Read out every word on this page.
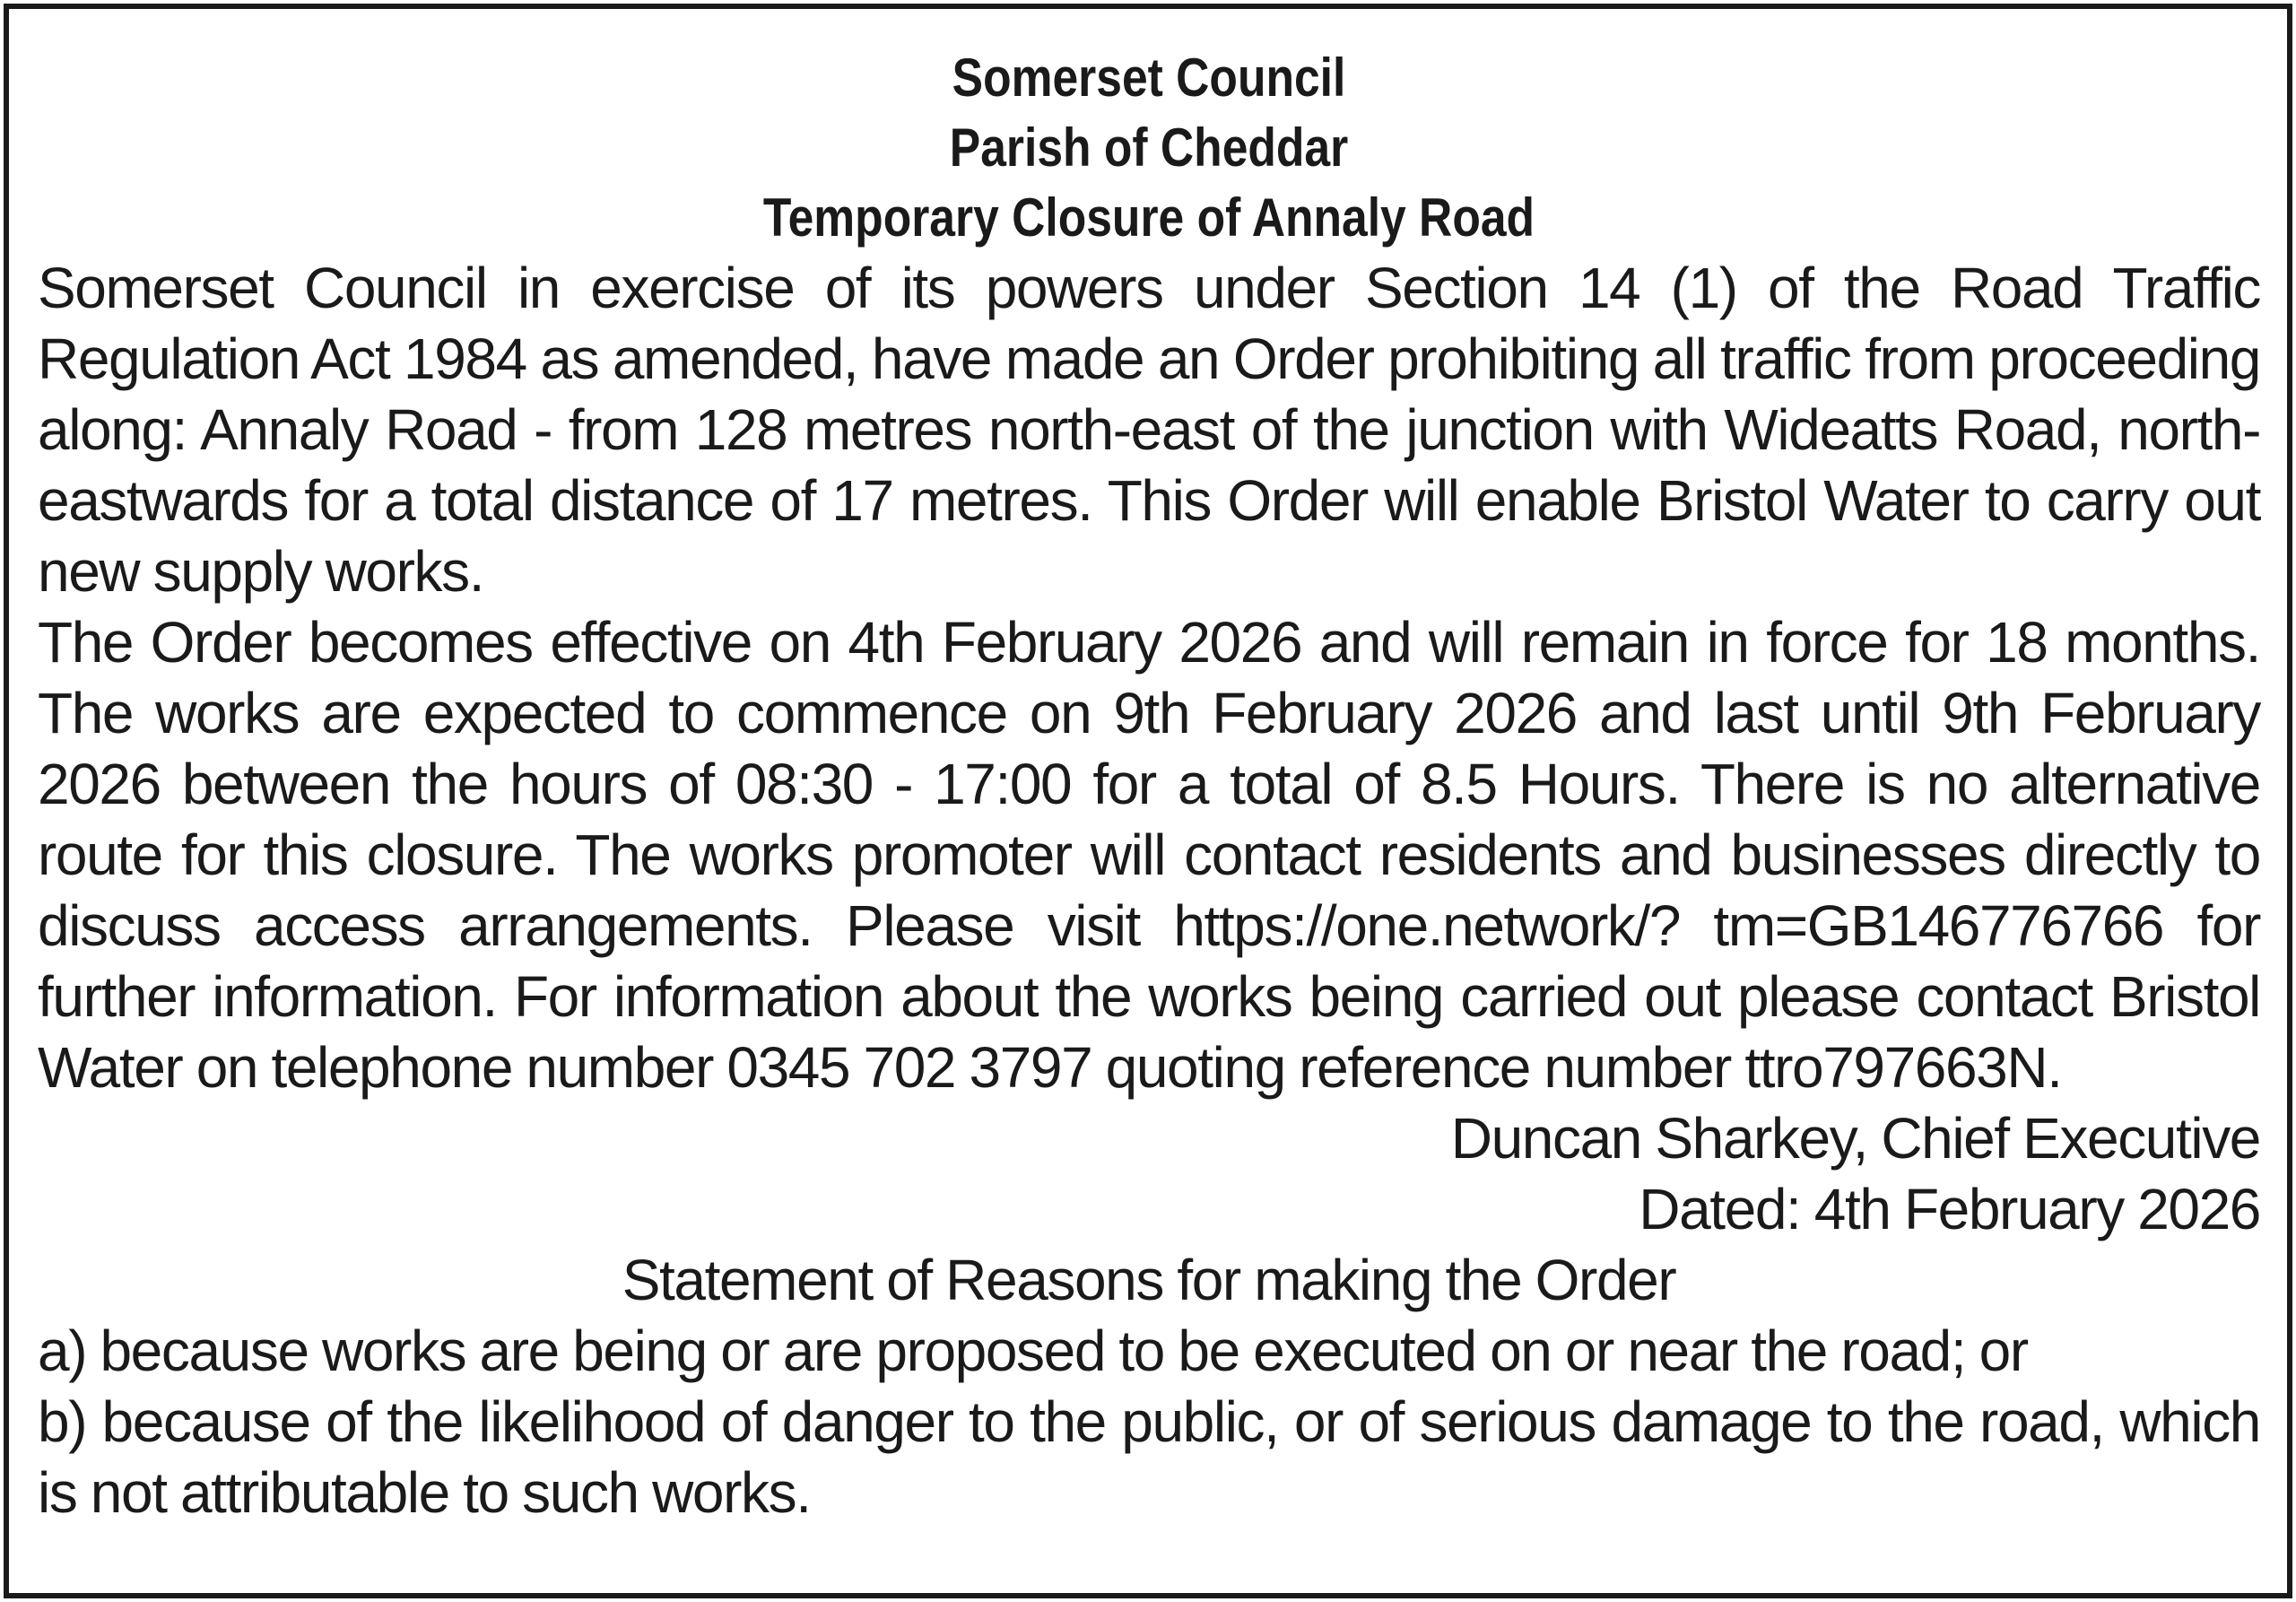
Somerset Council
Parish of Cheddar
Temporary Closure of Annaly Road

Somerset Council in exercise of its powers under Section 14 (1) of the Road Traffic Regulation Act 1984 as amended, have made an Order prohibiting all traffic from proceeding along: Annaly Road - from 128 metres north-east of the junction with Wideatts Road, north-eastwards for a total distance of 17 metres. This Order will enable Bristol Water to carry out new supply works.

The Order becomes effective on 4th February 2026 and will remain in force for 18 months. The works are expected to commence on 9th February 2026 and last until 9th February 2026 between the hours of 08:30 - 17:00 for a total of 8.5 Hours. There is no alternative route for this closure. The works promoter will contact residents and businesses directly to discuss access arrangements. Please visit https://one.network/? tm=GB146776766 for further information. For information about the works being carried out please contact Bristol Water on telephone number 0345 702 3797 quoting reference number ttro797663N.

Duncan Sharkey, Chief Executive

Dated: 4th February 2026

Statement of Reasons for making the Order

a) because works are being or are proposed to be executed on or near the road; or

b) because of the likelihood of danger to the public, or of serious damage to the road, which is not attributable to such works.
